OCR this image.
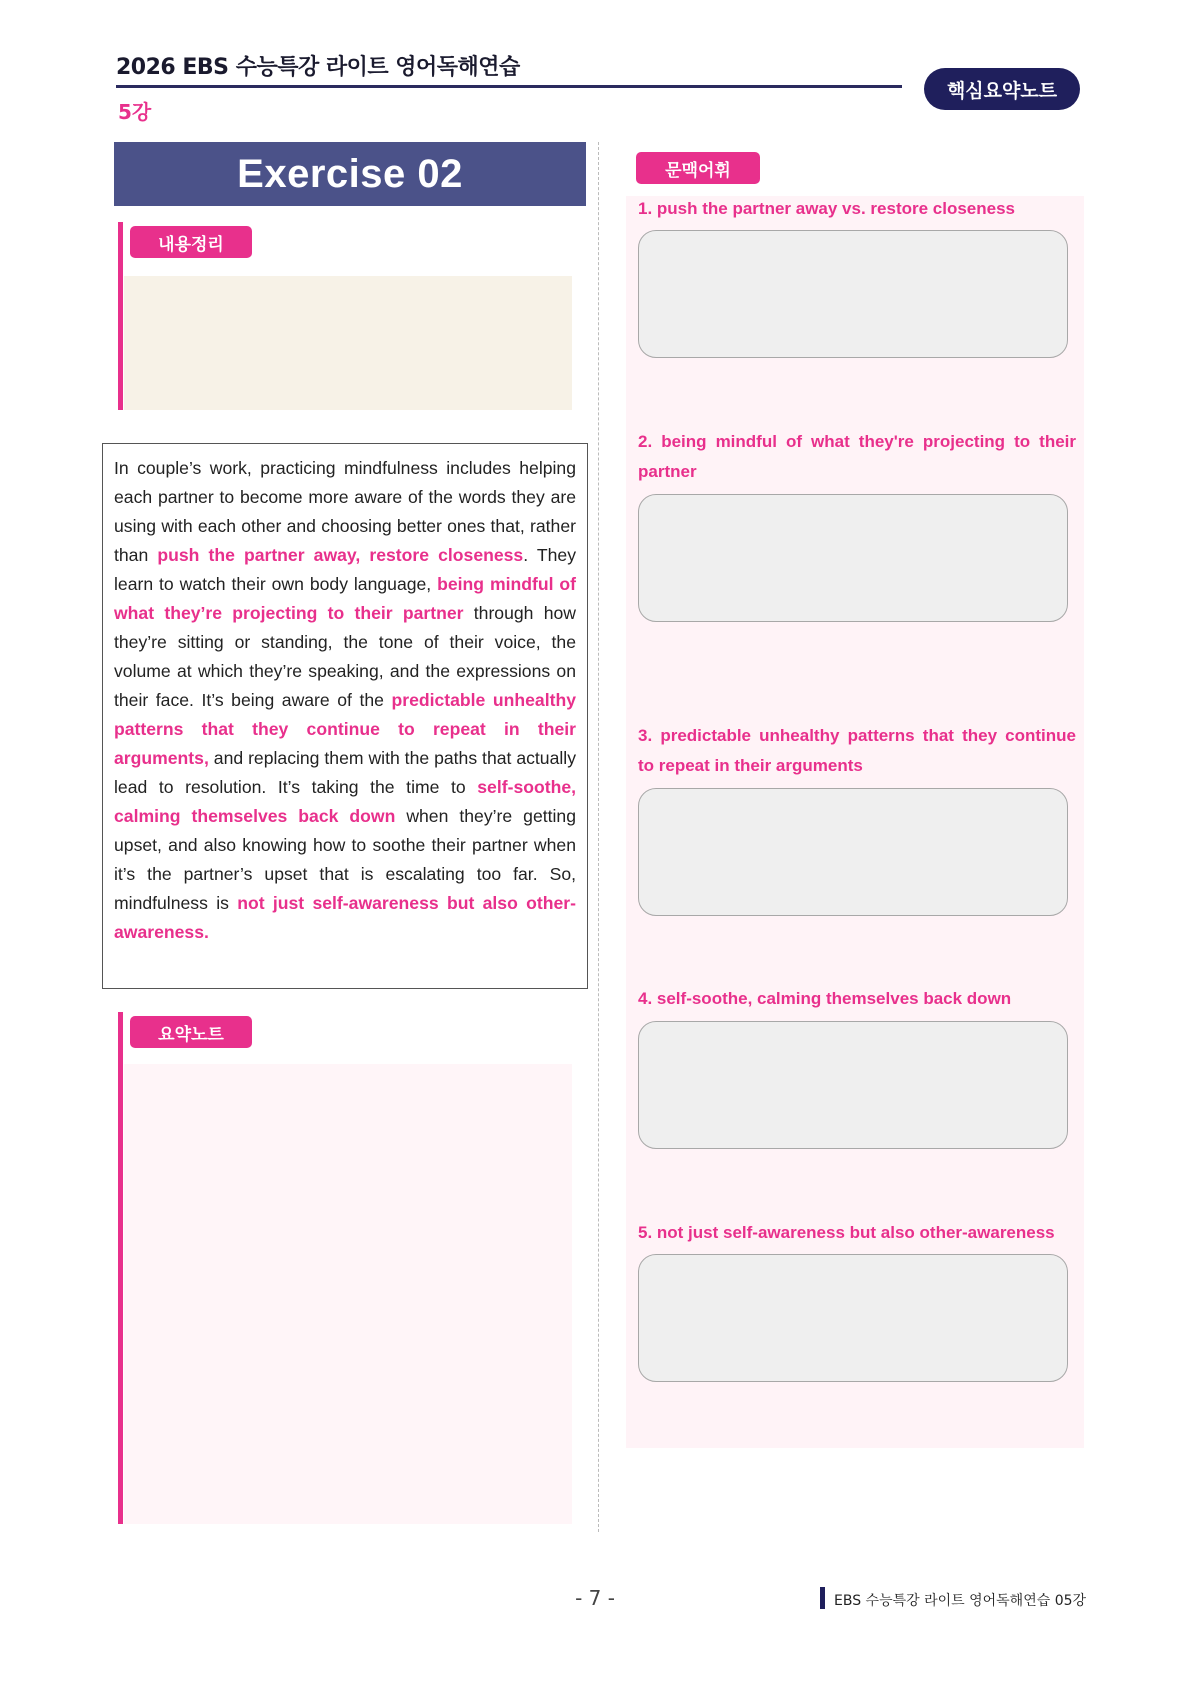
2026 EBS 수능특강 라이트 영어독해연습
5강
핵심요약노트
Exercise 02
내용정리
In couple’s work, practicing mindfulness includes helping each partner to become more aware of the words they are using with each other and choosing better ones that, rather than push the partner away, restore closeness. They learn to watch their own body language, being mindful of what they’re projecting to their partner through how they’re sitting or standing, the tone of their voice, the volume at which they’re speaking, and the expressions on their face. It’s being aware of the predictable unhealthy patterns that they continue to repeat in their arguments, and replacing them with the paths that actually lead to resolution. It’s taking the time to self-soothe, calming themselves back down when they’re getting upset, and also knowing how to soothe their partner when it’s the partner’s upset that is escalating too far. So, mindfulness is not just self-awareness but also other-awareness.
요약노트
문맥어휘
1. push the partner away vs. restore closeness
2. being mindful of what they're projecting to their partner
3. predictable unhealthy patterns that they continue to repeat in their arguments
4. self-soothe, calming themselves back down
5. not just self-awareness but also other-awareness
- 7 -	EBS 수능특강 라이트 영어독해연습 05강
